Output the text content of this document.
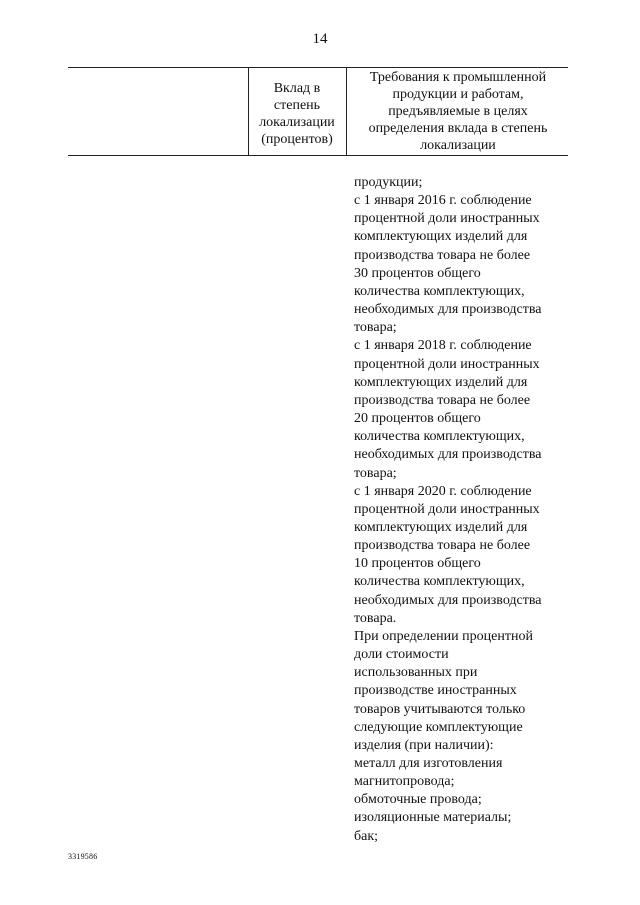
14
Вклад в
степень
локализации
(процентов)
Требования к промышленной
продукции и работам,
предъявляемые в целях
определения вклада в степень
локализации
продукции;
с 1 января 2016 г. соблюдение
процентной доли иностранных
комплектующих изделий для
производства товара не более
30 процентов общего
количества комплектующих,
необходимых для производства
товара;
с 1 января 2018 г. соблюдение
процентной доли иностранных
комплектующих изделий для
производства товара не более
20 процентов общего
количества комплектующих,
необходимых для производства
товара;
с 1 января 2020 г. соблюдение
процентной доли иностранных
комплектующих изделий для
производства товара не более
10 процентов общего
количества комплектующих,
необходимых для производства
товара.
При определении процентной
доли стоимости
использованных при
производстве иностранных
товаров учитываются только
следующие комплектующие
изделия (при наличии):
металл для изготовления
магнитопровода;
обмоточные провода;
изоляционные материалы;
бак;
3319586
